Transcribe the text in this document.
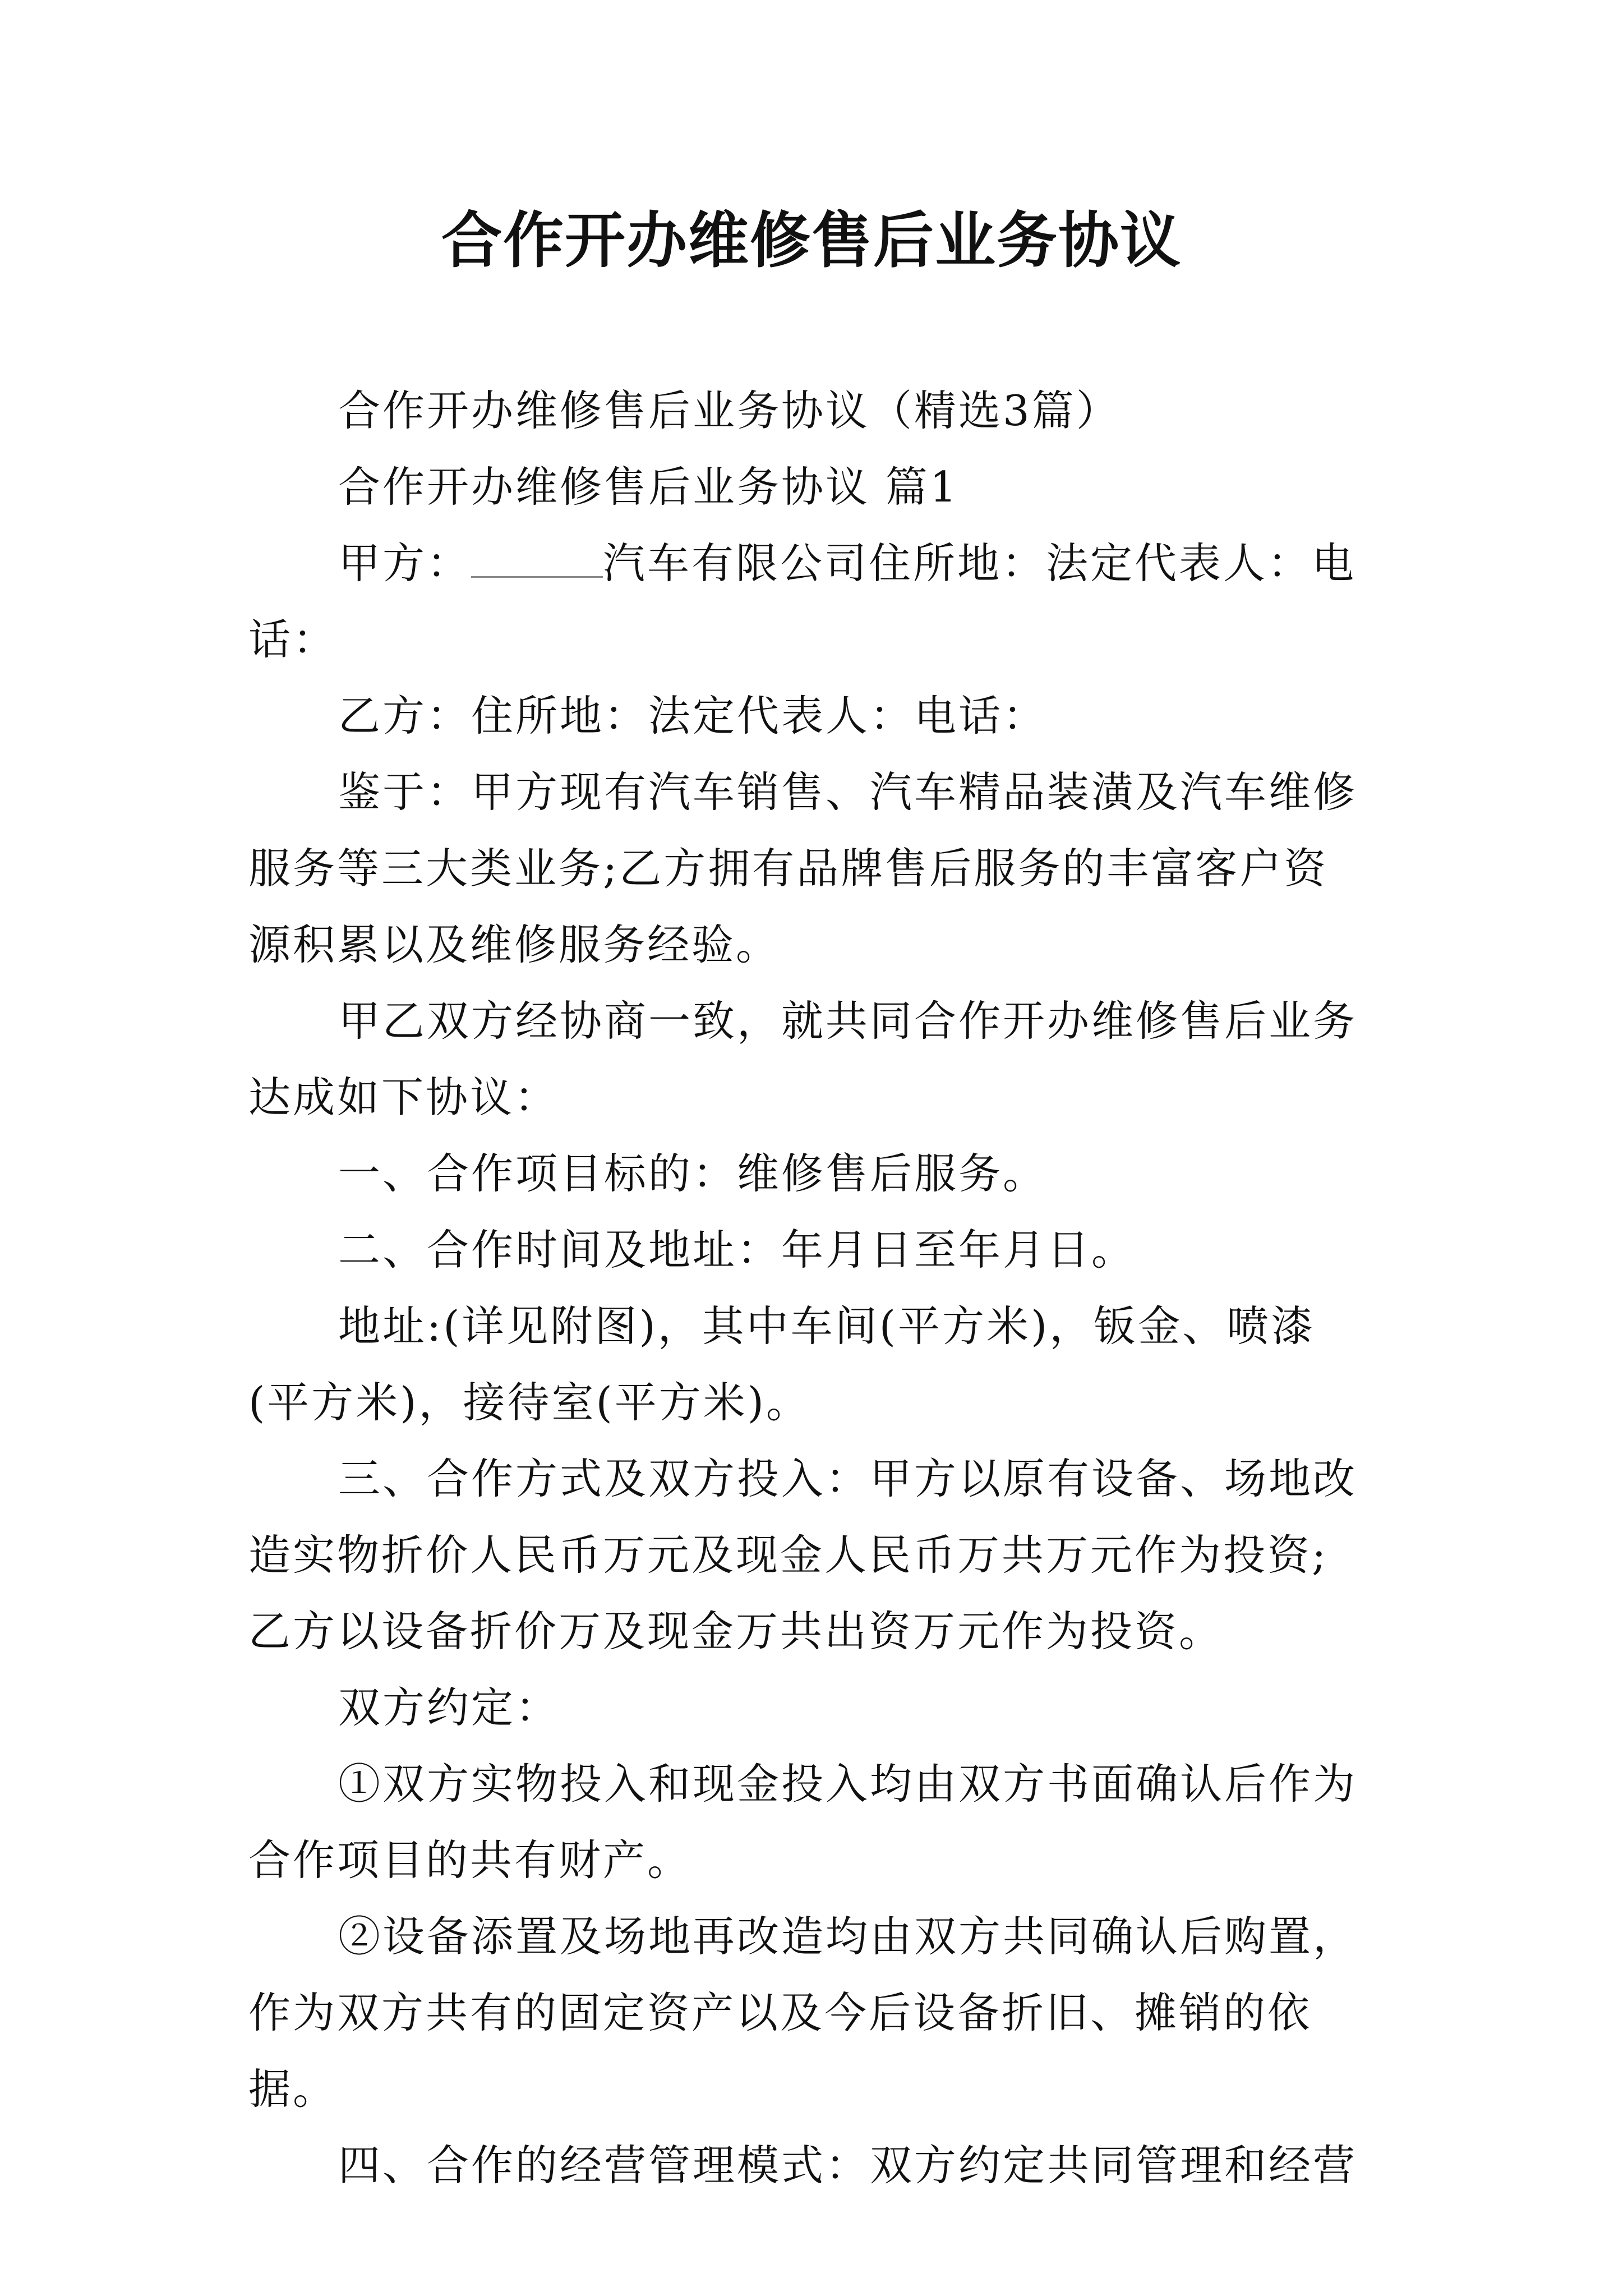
合作开办维修售后业务协议

合作开办维修售后业务协议（精选3篇）

合作开办维修售后业务协议 篇1

甲方：	汽车有限公司住所地：法定代表人：电话：

乙方：住所地：法定代表人：电话：

鉴于：甲方现有汽车销售、汽车精品装潢及汽车维修服务等三大类业务;乙方拥有品牌售后服务的丰富客户资源积累以及维修服务经验。

甲乙双方经协商一致，就共同合作开办维修售后业务达成如下协议：

一、合作项目标的：维修售后服务。

二、合作时间及地址：年月日至年月日。

地址:(详见附图)，其中车间(平方米)，钣金、喷漆(平方米)，接待室(平方米)。

三、合作方式及双方投入：甲方以原有设备、场地改造实物折价人民币万元及现金人民币万共万元作为投资;乙方以设备折价万及现金万共出资万元作为投资。

双方约定：

①双方实物投入和现金投入均由双方书面确认后作为合作项目的共有财产。

②设备添置及场地再改造均由双方共同确认后购置，作为双方共有的固定资产以及今后设备折旧、摊销的依据。

四、合作的经营管理模式：双方约定共同管理和经营
